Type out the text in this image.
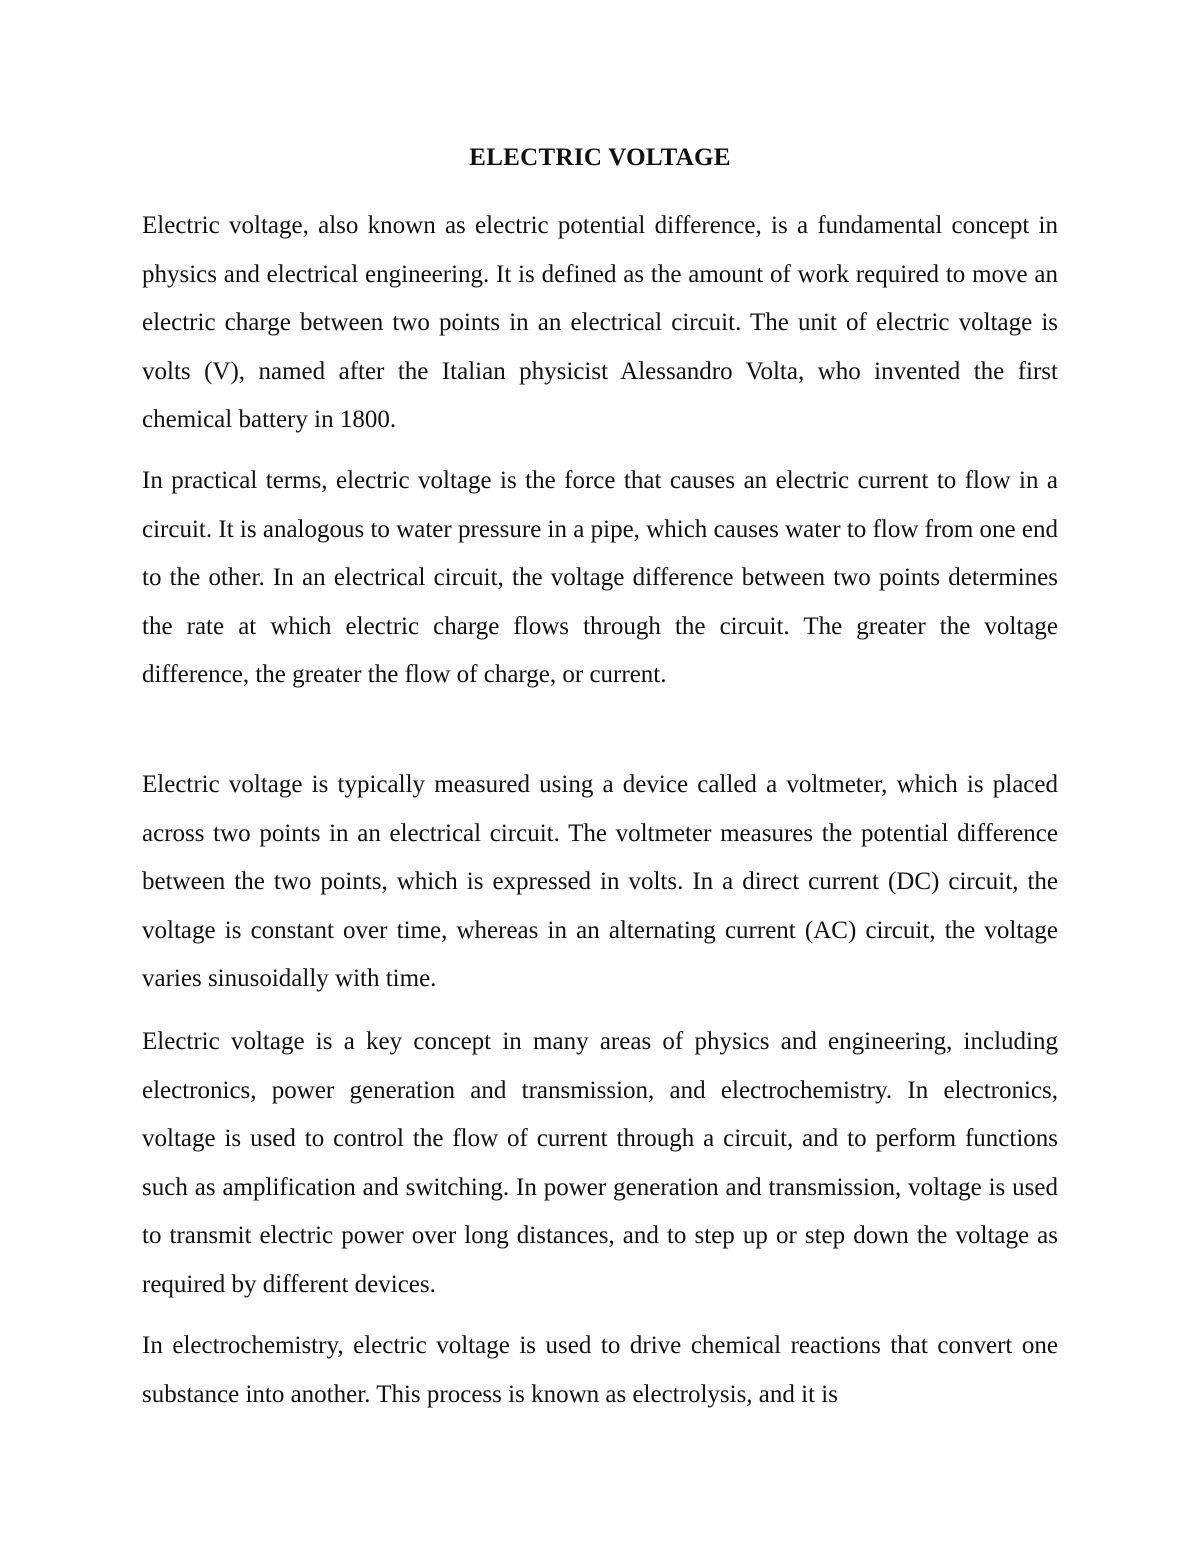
ELECTRIC VOLTAGE

Electric voltage, also known as electric potential difference, is a fundamental concept in physics and electrical engineering. It is defined as the amount of work required to move an electric charge between two points in an electrical circuit. The unit of electric voltage is volts (V), named after the Italian physicist Alessandro Volta, who invented the first chemical battery in 1800.

In practical terms, electric voltage is the force that causes an electric current to flow in a circuit. It is analogous to water pressure in a pipe, which causes water to flow from one end to the other. In an electrical circuit, the voltage difference between two points determines the rate at which electric charge flows through the circuit. The greater the voltage difference, the greater the flow of charge, or current.

Electric voltage is typically measured using a device called a voltmeter, which is placed across two points in an electrical circuit. The voltmeter measures the potential difference between the two points, which is expressed in volts. In a direct current (DC) circuit, the voltage is constant over time, whereas in an alternating current (AC) circuit, the voltage varies sinusoidally with time.

Electric voltage is a key concept in many areas of physics and engineering, including electronics, power generation and transmission, and electrochemistry. In electronics, voltage is used to control the flow of current through a circuit, and to perform functions such as amplification and switching. In power generation and transmission, voltage is used to transmit electric power over long distances, and to step up or step down the voltage as required by different devices.

In electrochemistry, electric voltage is used to drive chemical reactions that convert one substance into another. This process is known as electrolysis, and it is
